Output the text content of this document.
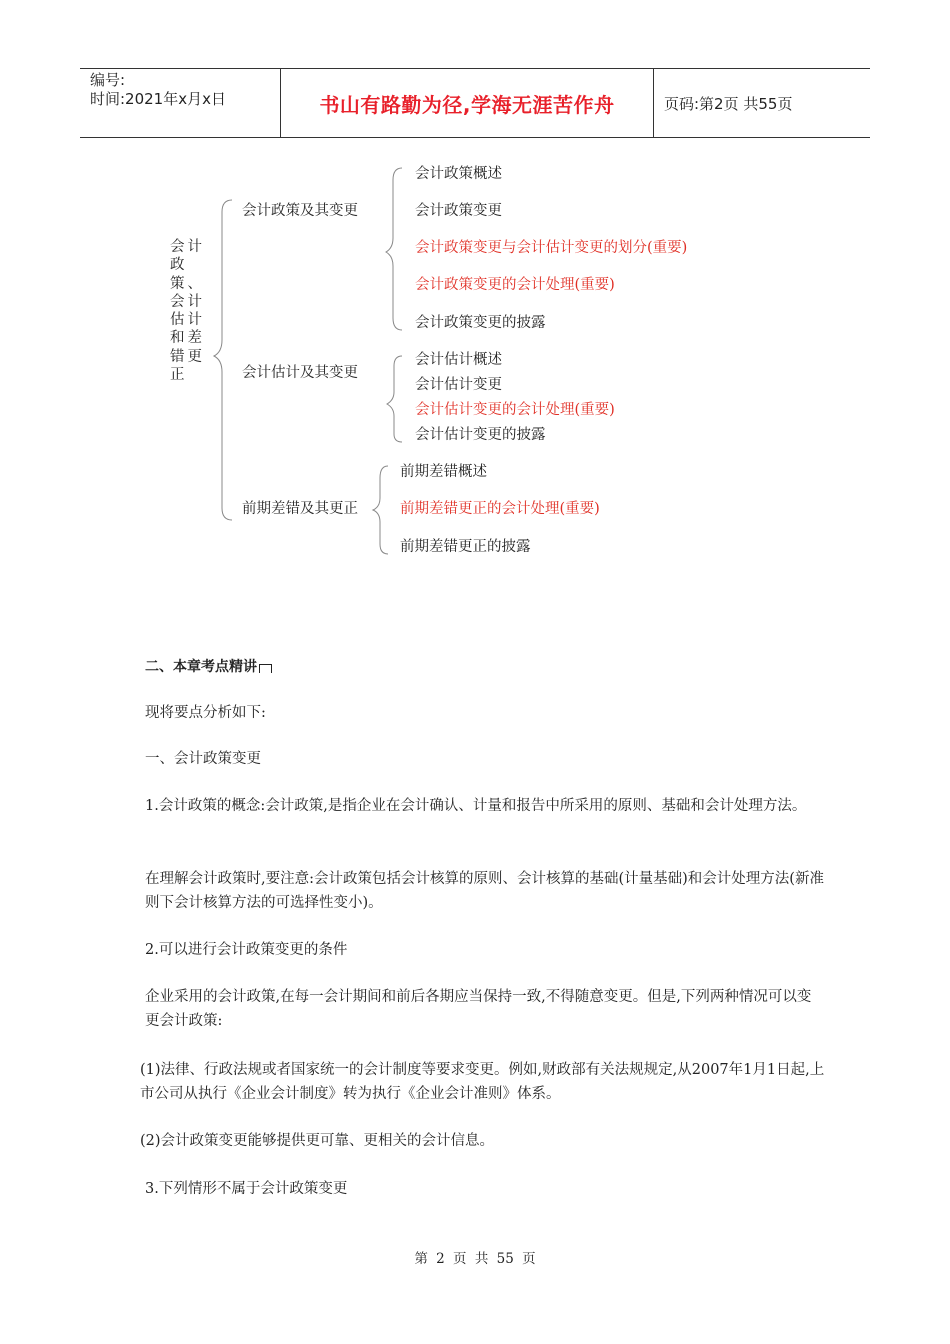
编号:
时间:2021年x月x日	书山有路勤为径,学海无涯苦作舟	页码:第2页 共55页
会计
政
策、
会计
估计
和差
错更
正
会计政策及其变更
会计政策概述
会计政策变更
会计政策变更与会计估计变更的划分(重要)
会计政策变更的会计处理(重要)
会计政策变更的披露
会计估计及其变更
会计估计概述
会计估计变更
会计估计变更的会计处理(重要)
会计估计变更的披露
前期差错及其更正
前期差错概述
前期差错更正的会计处理(重要)
前期差错更正的披露
二、本章考点精讲
现将要点分析如下:
一、会计政策变更
1.会计政策的概念:会计政策,是指企业在会计确认、计量和报告中所采用的原则、基础和会计处理方法。
在理解会计政策时,要注意:会计政策包括会计核算的原则、会计核算的基础(计量基础)和会计处理方法(新准则下会计核算方法的可选择性变小)。
2.可以进行会计政策变更的条件
企业采用的会计政策,在每一会计期间和前后各期应当保持一致,不得随意变更。但是,下列两种情况可以变更会计政策:
(1)法律、行政法规或者国家统一的会计制度等要求变更。例如,财政部有关法规规定,从2007年1月1日起,上市公司从执行《企业会计制度》转为执行《企业会计准则》体系。
(2)会计政策变更能够提供更可靠、更相关的会计信息。
3.下列情形不属于会计政策变更
第 2 页 共 55 页
